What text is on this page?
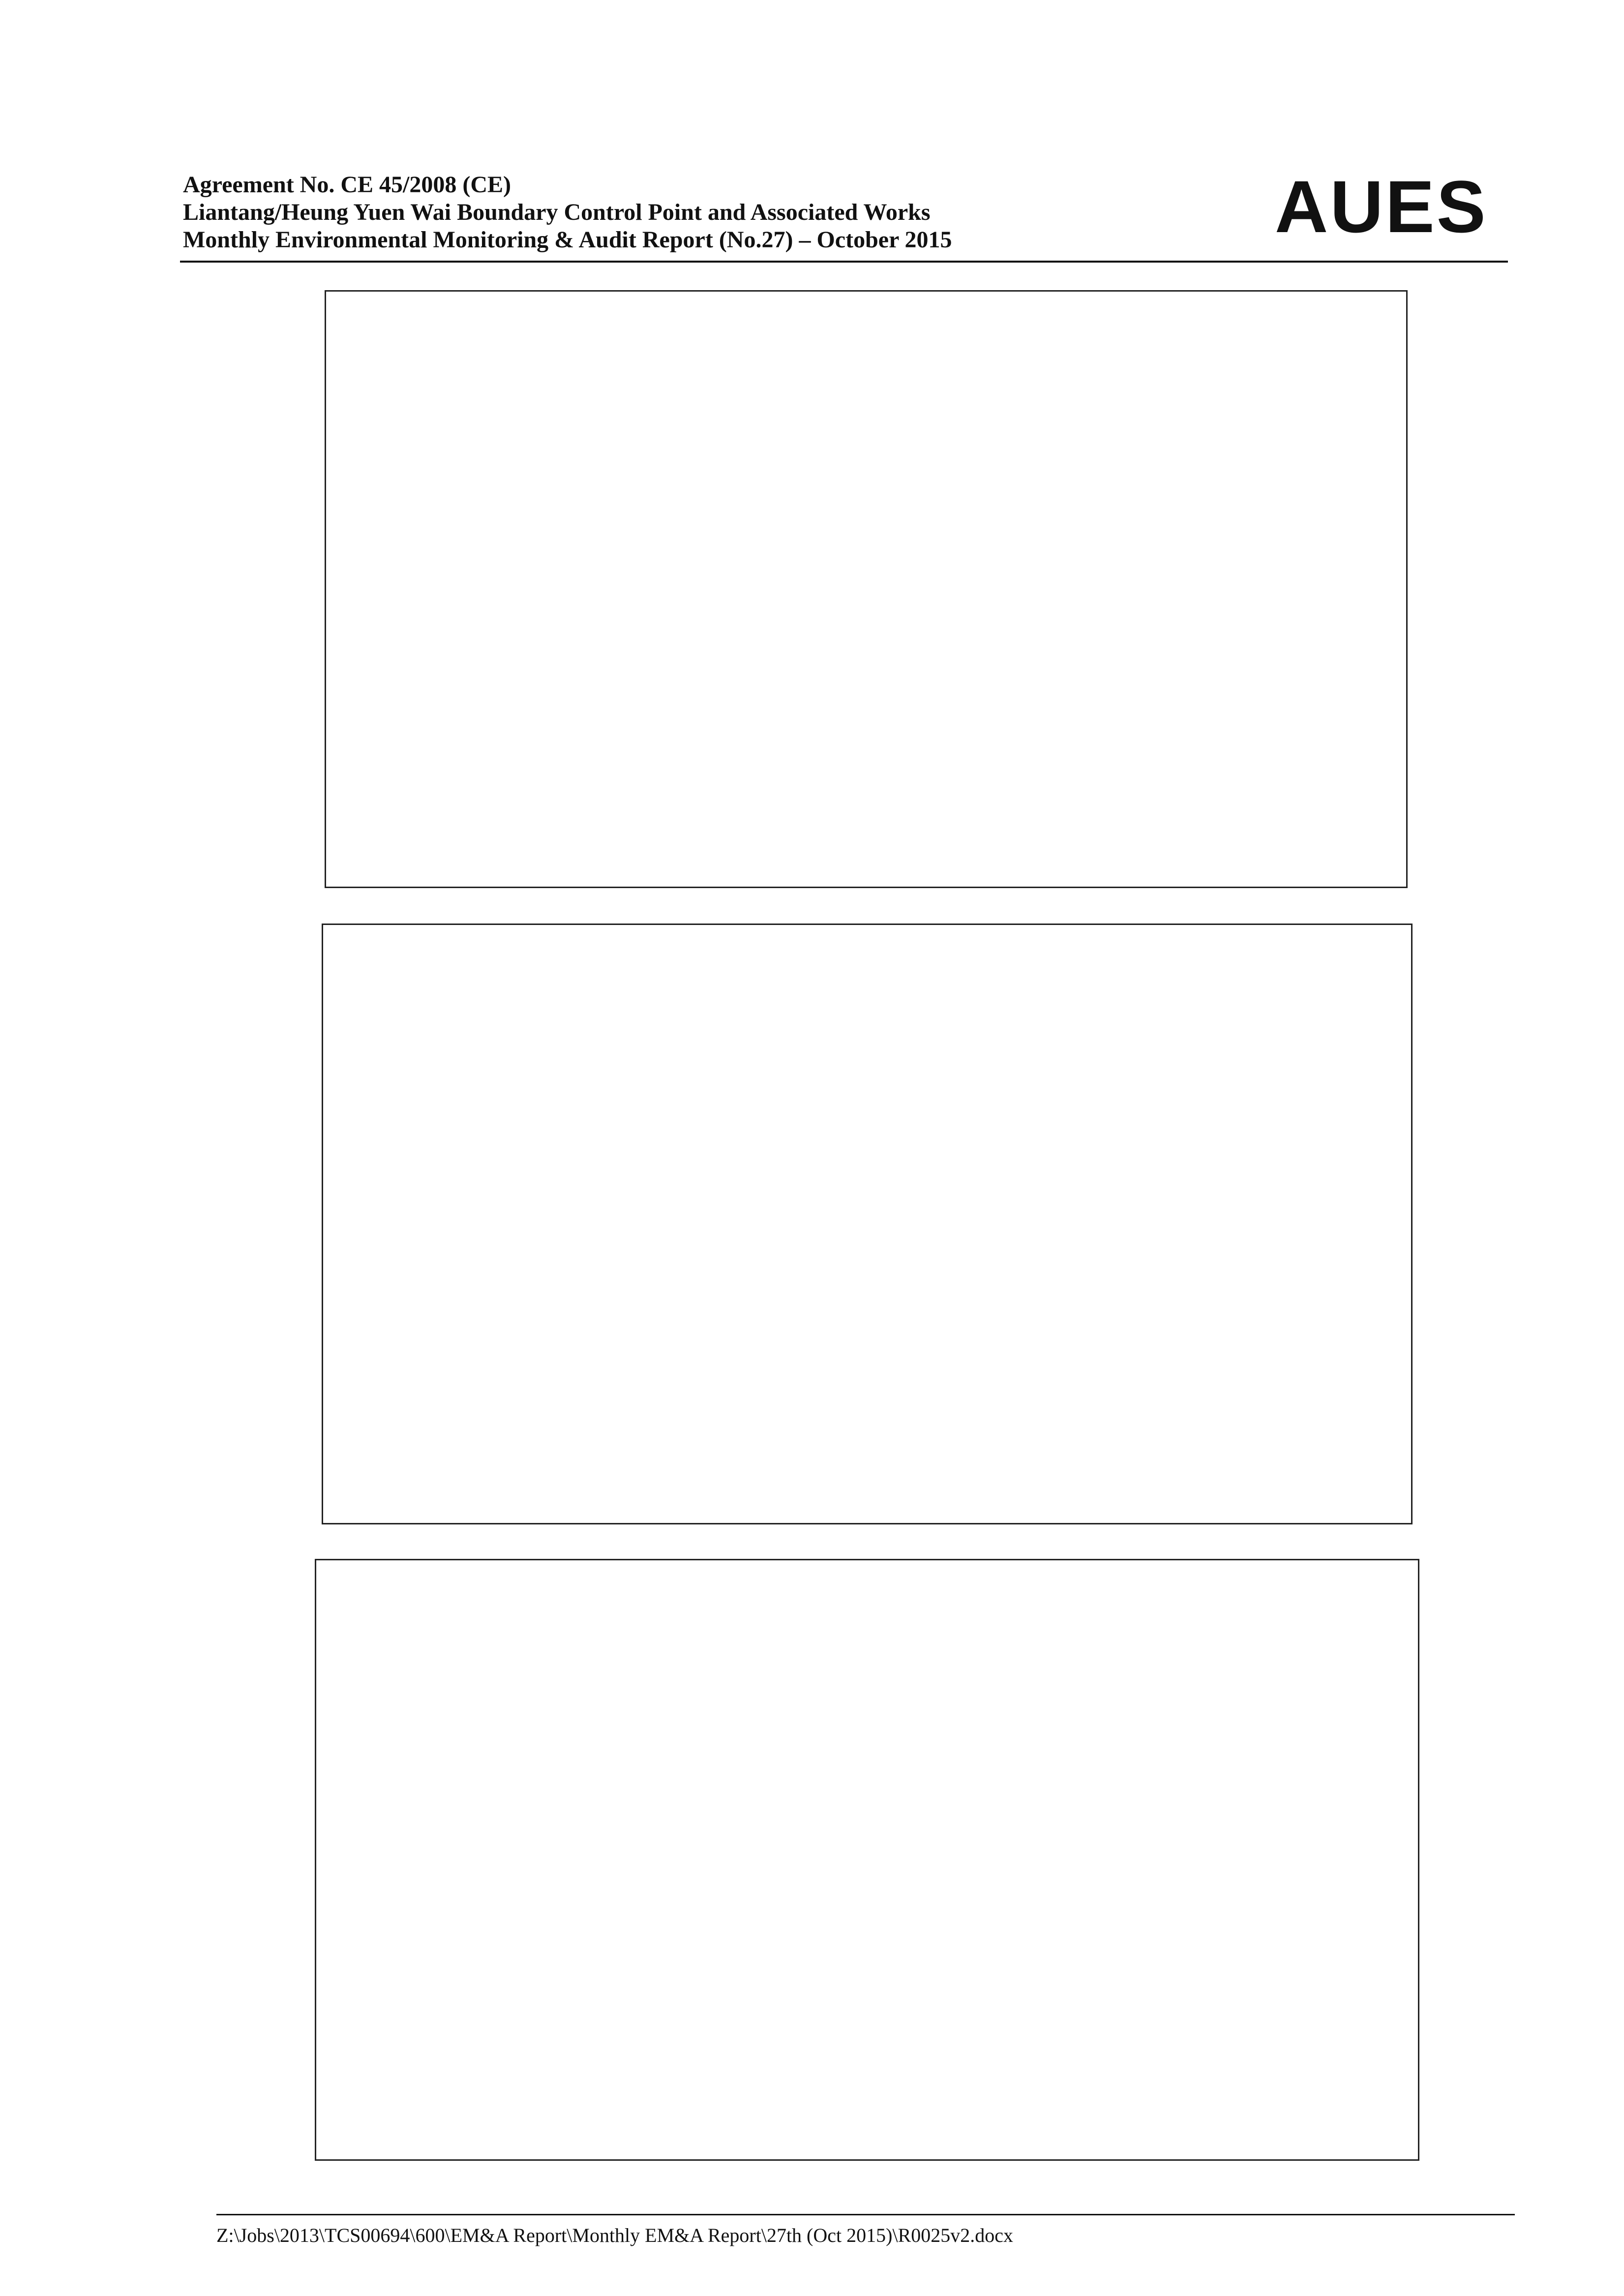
Agreement No. CE 45/2008 (CE)
Liantang/Heung Yuen Wai Boundary Control Point and Associated Works
Monthly Environmental Monitoring & Audit Report (No.27) – October 2015	AUES
Z:\Jobs\2013\TCS00694\600\EM&A Report\Monthly EM&A Report\27th (Oct 2015)\R0025v2.docx
